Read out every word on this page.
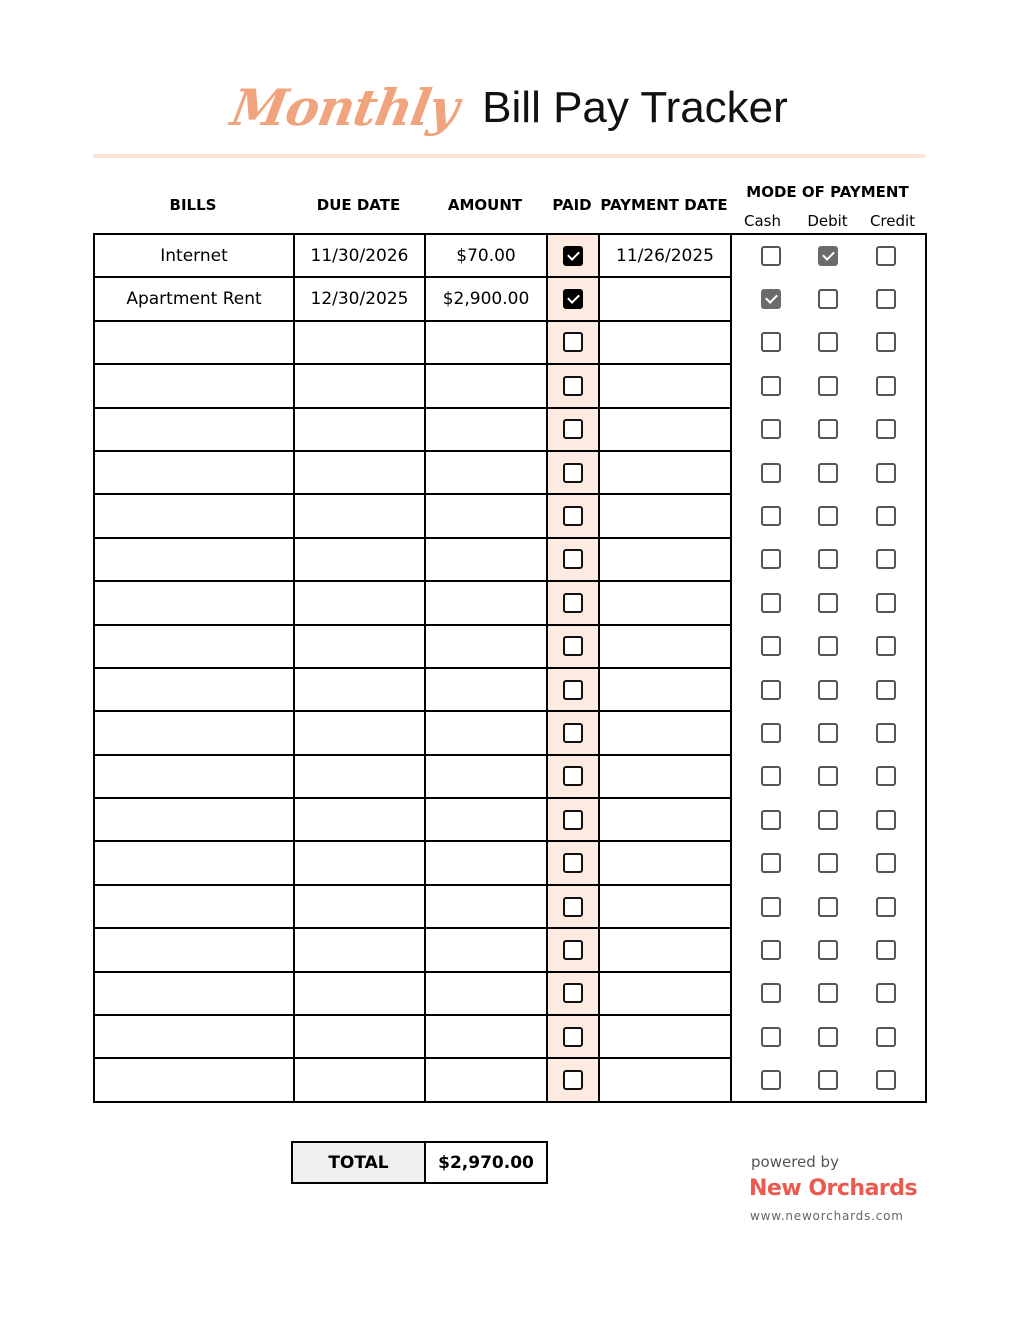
Monthly Bill Pay Tracker
BILLS	DUE DATE	AMOUNT	PAID PAYMENT DATE
MODE OF PAYMENT
Cash	Debit	Credit
Internet	11/30/2026	$70.00		11/26/2025	

Apartment Rent	12/30/2025	$2,900.00			

TOTAL	$2,970.00	powered by
New Orchards
www.neworchards.com
